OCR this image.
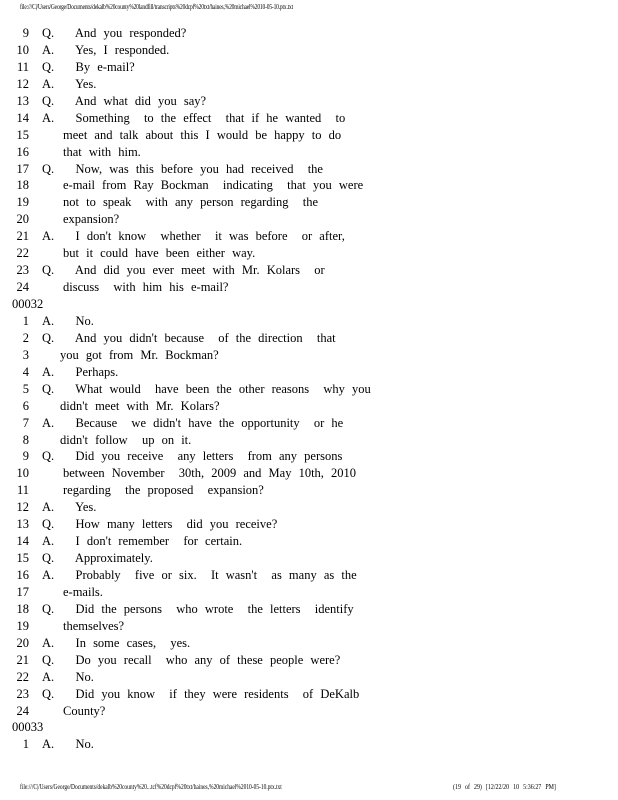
file:///C|/Users/George/Documents/dekalb%20county%20landfill/transcripts%20dcpf%20txt/haines,%20michael%2010-05-10.ptx.txt
9 Q.   And you responded?
10 A.   Yes, I responded.
11 Q.   By e-mail?
12 A.   Yes.
13 Q.   And what did you say?
14 A.   Something  to the effect  that if he wanted  to
15	meet and talk about this I would be happy to do
16	that with him.
17 Q.   Now, was this before you had received  the
18	e-mail from Ray Bockman  indicating  that you were
19	not to speak  with any person regarding  the
20	expansion?
21 A.   I don't know  whether  it was before  or after,
22	but it could have been either way.
23 Q.   And did you ever meet with Mr. Kolars  or
24	discuss  with him his e-mail?
00032
1 A.   No.
2 Q.   And you didn't because  of the direction  that
3 you got from Mr. Bockman?
4 A.   Perhaps.
5 Q.   What would  have been the other reasons  why you
6 didn't meet with Mr. Kolars?
7 A.   Because  we didn't have the opportunity  or he
8 didn't follow  up on it.
9 Q.   Did you receive  any letters  from any persons
10	between November  30th, 2009 and May 10th, 2010
11	regarding  the proposed  expansion?
12 A.   Yes.
13 Q.   How many letters  did you receive?
14 A.   I don't remember  for certain.
15 Q.   Approximately.
16 A.   Probably  five or six.  It wasn't  as many as the
17	e-mails.
18 Q.   Did the persons  who wrote  the letters  identify
19	themselves?
20 A.   In some cases,  yes.
21 Q.   Do you recall  who any of these people were?
22 A.   No.
23 Q.   Did you know  if they were residents  of DeKalb
24	County?
00033
1 A.   No.
file:///C|/Users/George/Documents/dekalb%20county%20...tcf%20dcpf%20txt/haines,%20michael%2010-05-10.ptx.txt	(19 of 29) [12/22/20 10 5:36:27 PM]
